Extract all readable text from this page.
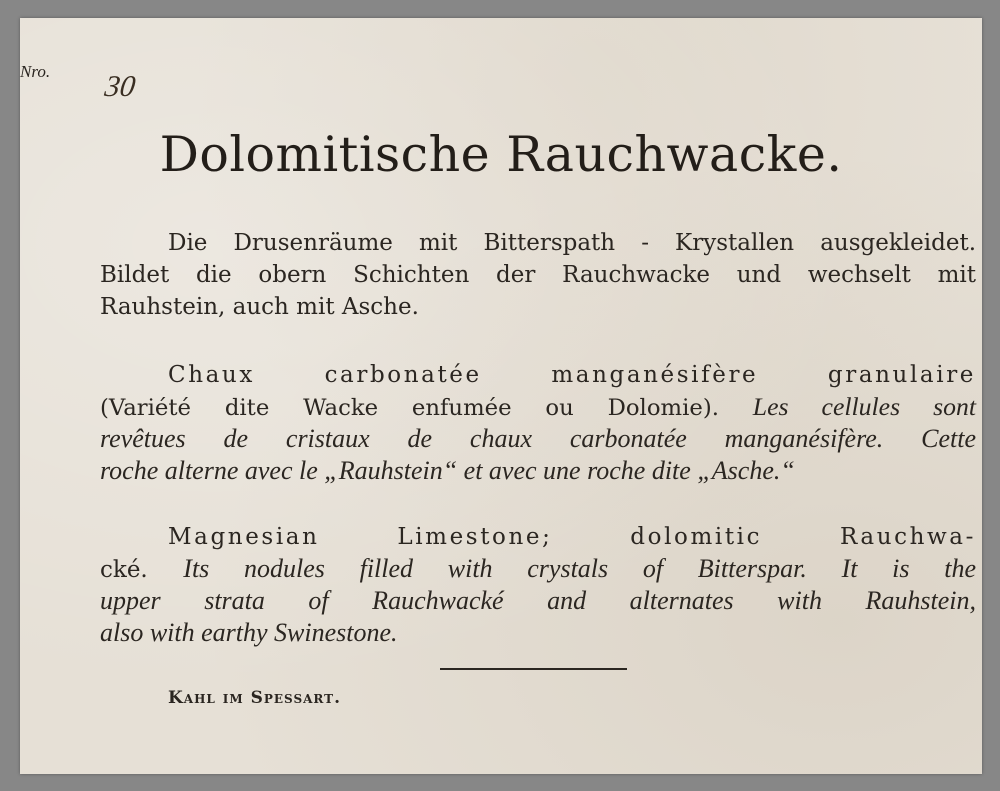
Nro. 30
Dolomitische Rauchwacke.
Die Drusenräume mit Bitterspath - Krystallen ausgekleidet.
Bildet die obern Schichten der Rauchwacke und wechselt mit
Rauhstein, auch mit Asche.
Chaux carbonatée manganésifère granulaire
(Variété dite Wacke enfumée ou Dolomie). Les cellules sont
revêtues de cristaux de chaux carbonatée manganésifère. Cette
roche alterne avec le „Rauhstein“ et avec une roche dite „Asche.“
Magnesian Limestone; dolomitic Rauchwa-
cké. Its nodules filled with crystals of Bitterspar. It is the
upper strata of Rauchwacké and alternates with Rauhstein,
also with earthy Swinestone.
Kahl im Spessart.
